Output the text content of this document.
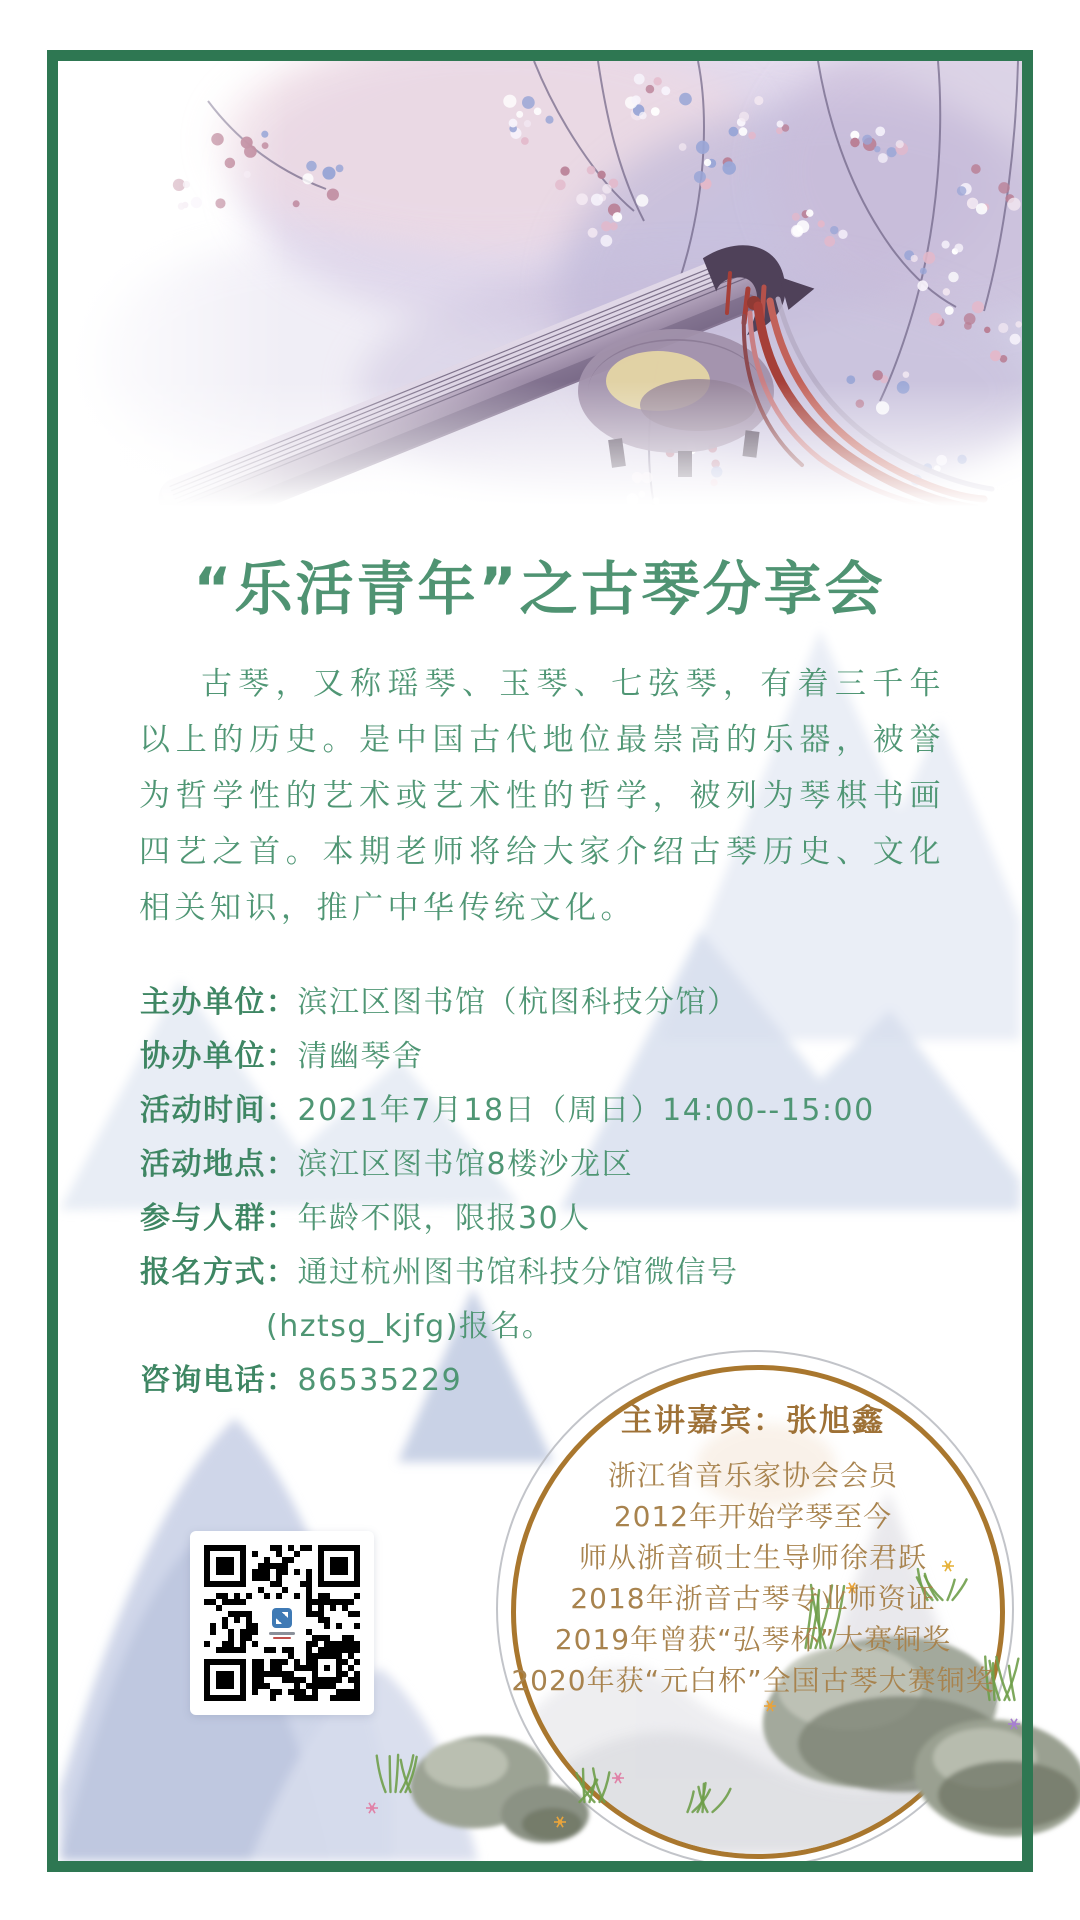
“乐活青年”之古琴分享会

古琴，又称瑶琴、玉琴、七弦琴，有着三千年以上的历史。是中国古代地位最崇高的乐器，被誉为哲学性的艺术或艺术性的哲学，被列为琴棋书画四艺之首。本期老师将给大家介绍古琴历史、文化相关知识，推广中华传统文化。

主办单位： 滨江区图书馆（杭图科技分馆）
协办单位： 清幽琴舍
活动时间： 2021年7月18日（周日）14:00--15:00
活动地点： 滨江区图书馆8楼沙龙区
参与人群： 年龄不限，限报30人
报名方式： 通过杭州图书馆科技分馆微信号
(hztsg_kjfg)报名。
咨询电话： 86535229
主讲嘉宾：张旭鑫
浙江省音乐家协会会员
2012年开始学琴至今
师从浙音硕士生导师徐君跃
2018年浙音古琴专业师资证
2019年曾获“弘琴杯”大赛铜奖
2020年获“元白杯”全国古琴大赛铜奖
